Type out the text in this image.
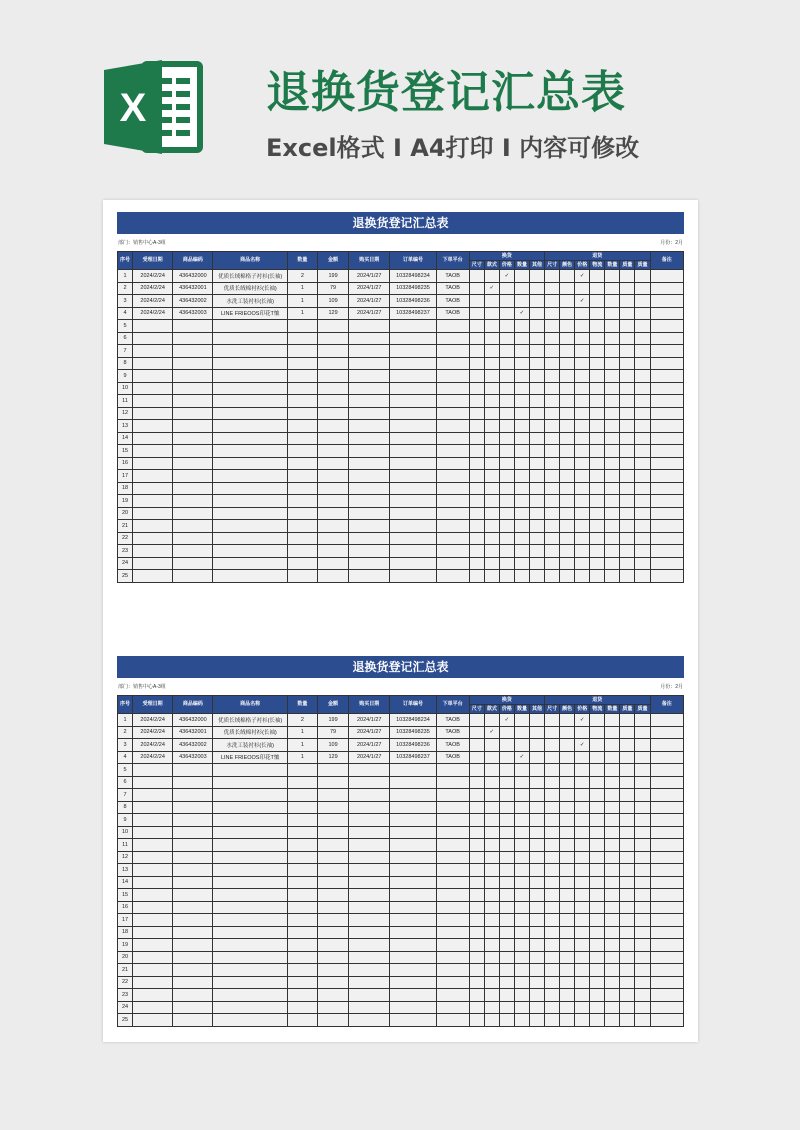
X	退换货登记汇总表
Excel格式 I A4打印 I 内容可修改
退换货登记汇总表
部门：销售中心A-3组	月份：2月
序号	受理日期	商品编码	商品名称	数量	金额	购买日期	订单编号	下单平台	换货					退货							备注
									尺寸	款式	价格	数量	其他	尺寸	颜色	价格	物流	数量	质量	质量	
1	2024/2/24	436432000	优质长绒棉格子衬衫(长袖)	2	199	2024/1/27	10328498234	TAOB			✓					✓					
2	2024/2/24	436432001	优质长绒棉衬衫(长袖)	1	79	2024/1/27	10328498235	TAOB		✓											
3	2024/2/24	436432002	水洗工装衬衫(长袖)	1	109	2024/1/27	10328498236	TAOB								✓					
4	2024/2/24	436432003	LINE FRIEOOS印花T恤	1	129	2024/1/27	10328498237	TAOB				✓									
5																					
6																					
7																					
8																					
9																					
10																					
11																					
12																					
13																					
14																					
15																					
16																					
17																					
18																					
19																					
20																					
21																					
22																					
23																					
24																					
25																					
退换货登记汇总表
部门：销售中心A-3组	月份：2月
序号	受理日期	商品编码	商品名称	数量	金额	购买日期	订单编号	下单平台	换货					退货							备注
									尺寸	款式	价格	数量	其他	尺寸	颜色	价格	物流	数量	质量	质量	
1	2024/2/24	436432000	优质长绒棉格子衬衫(长袖)	2	199	2024/1/27	10328498234	TAOB			✓					✓					
2	2024/2/24	436432001	优质长绒棉衬衫(长袖)	1	79	2024/1/27	10328498235	TAOB		✓											
3	2024/2/24	436432002	水洗工装衬衫(长袖)	1	109	2024/1/27	10328498236	TAOB								✓					
4	2024/2/24	436432003	LINE FRIEOOS印花T恤	1	129	2024/1/27	10328498237	TAOB				✓									
5																					
6																					
7																					
8																					
9																					
10																					
11																					
12																					
13																					
14																					
15																					
16																					
17																					
18																					
19																					
20																					
21																					
22																					
23																					
24																					
25																					
